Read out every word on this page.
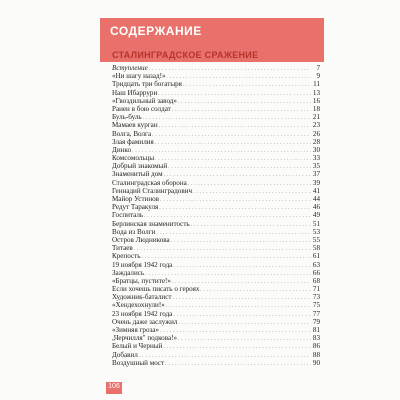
СОДЕРЖАНИЕ
СТАЛИНГРАДСКОЕ СРАЖЕНИЕ
Вступление . . .	7
«Ни шагу назад!» . . .	9
Тридцать три богатыря . . .	11
Наш Ибаррури . . .	13
«Гвоздильный завод» . . .	16
Ранен в бою солдат . . .	18
Буль-буль . . .	21
Мамаев курган . . .	23
Волга, Волга . . .	26
Злая фамилия . . .	28
Динко . . .	30
Комсомольцы . . .	33
Добрый знакомый . . .	35
Знаменитый дом . . .	37
Сталинградская оборона . . .	39
Геннадий Сталинградович . . .	41
Майор Устинов . . .	44
Редут Таракуля . . .	46
Госпиталь . . .	49
Берлинская знаменитость . . .	51
Вода из Волги . . .	53
Остров Людникова . . .	55
Титаев . . .	58
Крепость . . .	61
19 ноября 1942 года . . .	63
Заждались . . .	66
«Братцы, пустите!» . . .	68
Если хочешь писать о героях . . .	71
Художник-баталист . . .	73
«Хендехохнули!» . . .	75
23 ноября 1942 года . . .	77
Очень даже заслужил . . .	79
«Зимняя гроза» . . .	81
„Черчилля" подкова!» . . .	83
Белый и Черный . . .	86
Добавил . . .	88
Воздушный мост . . .	90
106
